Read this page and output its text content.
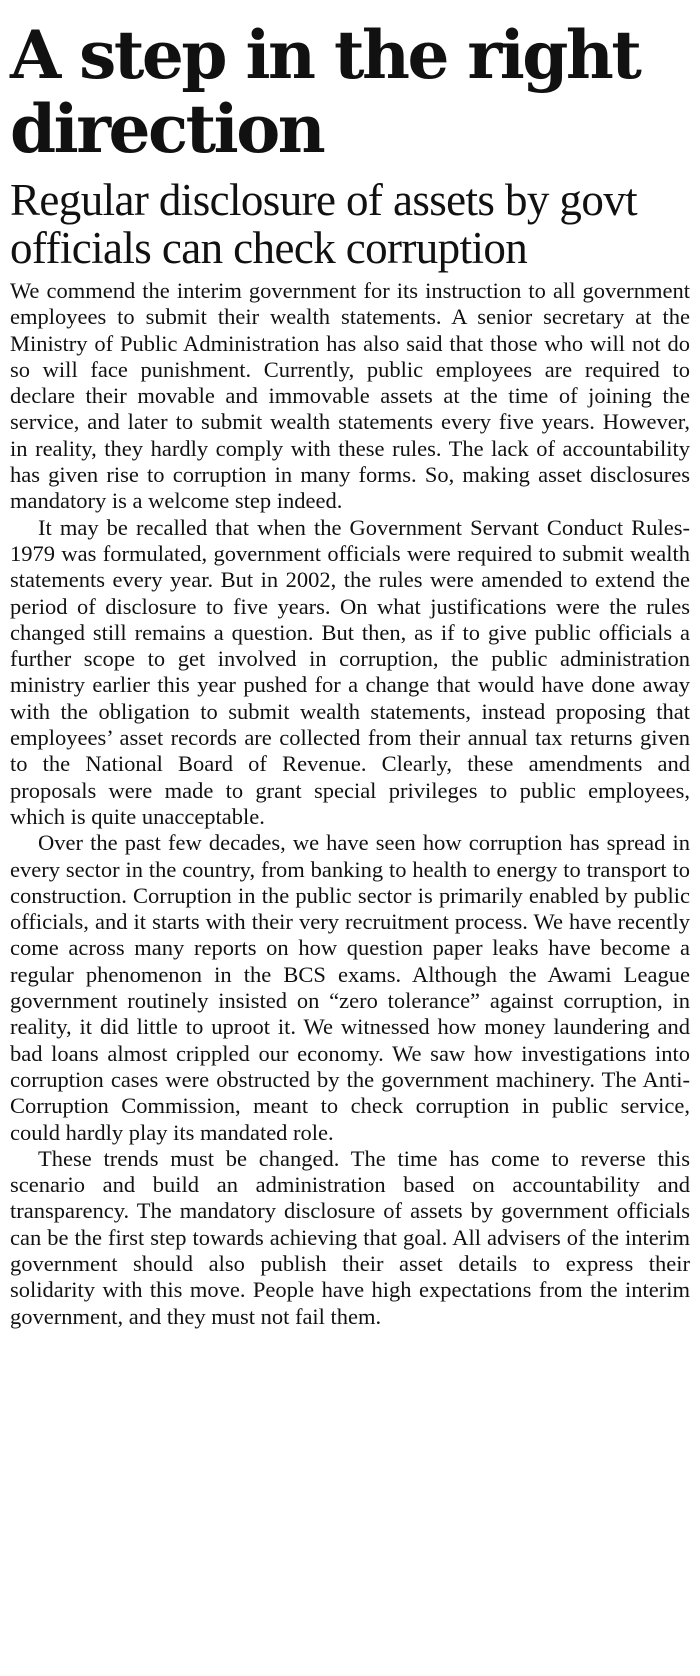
A step in the right direction
Regular disclosure of assets by govt officials can check corruption

We commend the interim government for its instruction to all government employees to submit their wealth statements. A senior secretary at the Ministry of Public Administration has also said that those who will not do so will face punishment. Currently, public employees are required to declare their movable and immovable assets at the time of joining the service, and later to submit wealth statements every five years. However, in reality, they hardly comply with these rules. The lack of accountability has given rise to corruption in many forms. So, making asset disclosures mandatory is a welcome step indeed.

It may be recalled that when the Government Servant Conduct Rules-1979 was formulated, government officials were required to submit wealth statements every year. But in 2002, the rules were amended to extend the period of disclosure to five years. On what justifications were the rules changed still remains a question. But then, as if to give public officials a further scope to get involved in corruption, the public administration ministry earlier this year pushed for a change that would have done away with the obligation to submit wealth statements, instead proposing that employees’ asset records are collected from their annual tax returns given to the National Board of Revenue. Clearly, these amendments and proposals were made to grant special privileges to public employees, which is quite unacceptable.

Over the past few decades, we have seen how corruption has spread in every sector in the country, from banking to health to energy to transport to construction. Corruption in the public sector is primarily enabled by public officials, and it starts with their very recruitment process. We have recently come across many reports on how question paper leaks have become a regular phenomenon in the BCS exams. Although the Awami League government routinely insisted on “zero tolerance” against corruption, in reality, it did little to uproot it. We witnessed how money laundering and bad loans almost crippled our economy. We saw how investigations into corruption cases were obstructed by the government machinery. The Anti-Corruption Commission, meant to check corruption in public service, could hardly play its mandated role.

These trends must be changed. The time has come to reverse this scenario and build an administration based on accountability and transparency. The mandatory disclosure of assets by government officials can be the first step towards achieving that goal. All advisers of the interim government should also publish their asset details to express their solidarity with this move. People have high expectations from the interim government, and they must not fail them.
